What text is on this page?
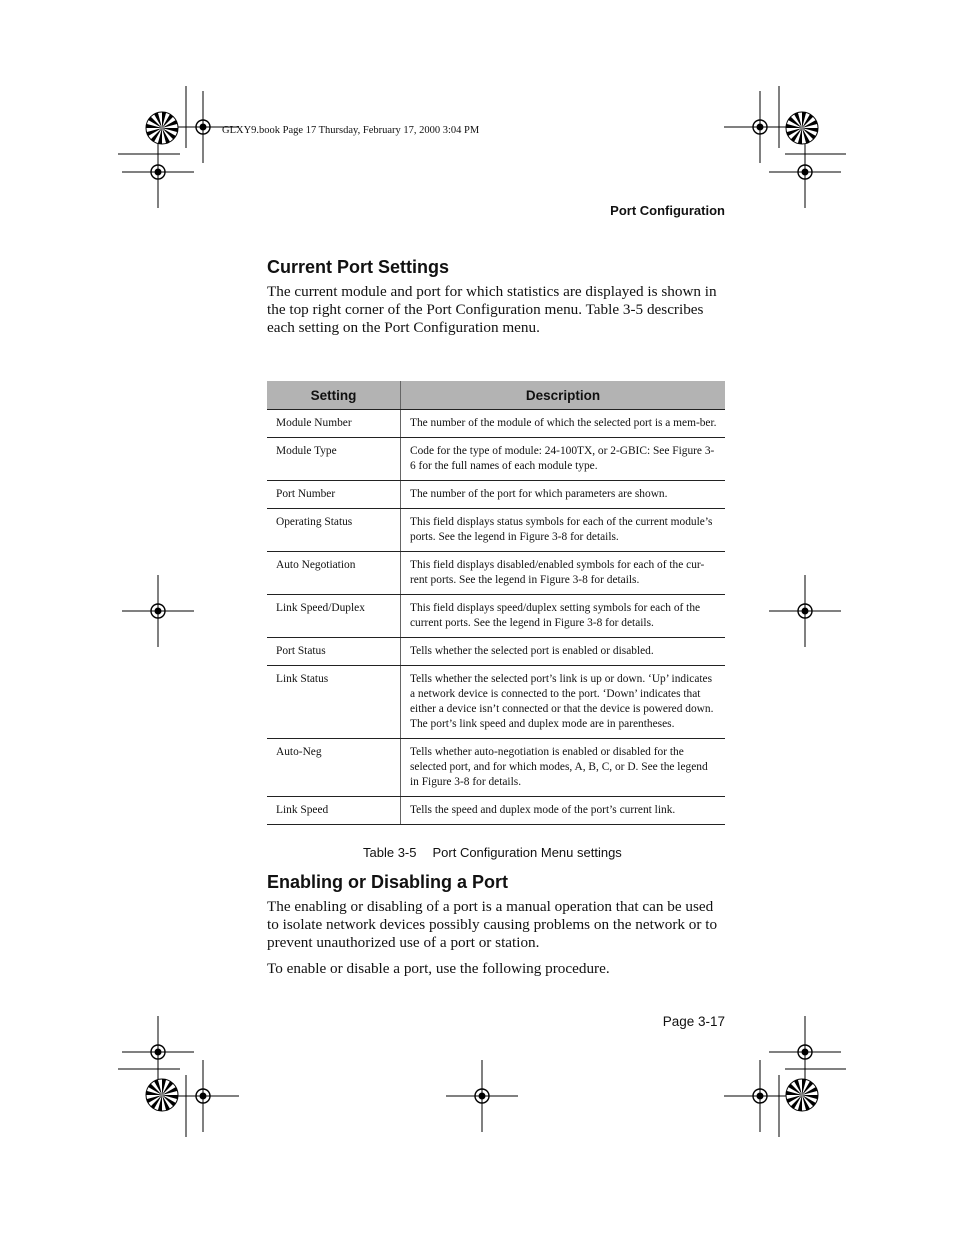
GLXY9.book Page 17 Thursday, February 17, 2000 3:04 PM
Port Configuration
Current Port Settings

The current module and port for which statistics are displayed is shown in the top right corner of the Port Configuration menu. Table 3-5 describes each setting on the Port Configuration menu.

Setting	Description
Module Number	The number of the module of which the selected port is a mem-ber.
Module Type	Code for the type of module: 24-100TX, or 2-GBIC: See Figure 3-6 for the full names of each module type.
Port Number	The number of the port for which parameters are shown.
Operating Status	This field displays status symbols for each of the current module’s ports. See the legend in Figure 3-8 for details.
Auto Negotiation	This field displays disabled/enabled symbols for each of the cur-rent ports. See the legend in Figure 3-8 for details.
Link Speed/Duplex	This field displays speed/duplex setting symbols for each of the current ports. See the legend in Figure 3-8 for details.
Port Status	Tells whether the selected port is enabled or disabled.
Link Status	Tells whether the selected port’s link is up or down. ‘Up’ indicates a network device is connected to the port. ‘Down’ indicates that either a device isn’t connected or that the device is powered down. The port’s link speed and duplex mode are in parentheses.
Auto-Neg	Tells whether auto-negotiation is enabled or disabled for the selected port, and for which modes, A, B, C, or D. See the legend in Figure 3-8 for details.
Link Speed	Tells the speed and duplex mode of the port’s current link.
Table 3-5 Port Configuration Menu settings
Enabling or Disabling a Port

The enabling or disabling of a port is a manual operation that can be used to isolate network devices possibly causing problems on the network or to prevent unauthorized use of a port or station.

To enable or disable a port, use the following procedure.

Page 3-17
